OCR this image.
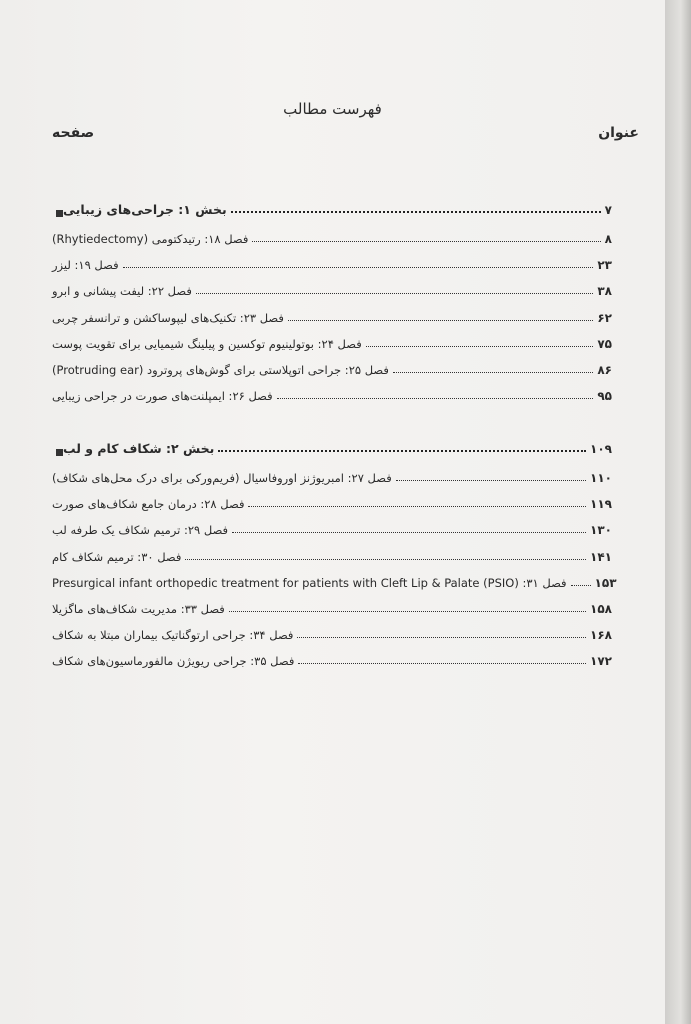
فهرست مطالب
عنوان
صفحه
بخش ۱: جراحی‌های زیبایی	۷
فصل ۱۸: رتیدکتومی (Rhytiedectomy)	۸
فصل ۱۹: لیزر	۲۳
فصل ۲۲: لیفت پیشانی و ابرو	۳۸
فصل ۲۳: تکنیک‌های لیپوساکشن و ترانسفر چربی	۶۲
فصل ۲۴: بوتولینیوم توکسین و پیلینگ شیمیایی برای تقویت پوست	۷۵
فصل ۲۵: جراحی اتوپلاستی برای گوش‌های پروترود (Protruding ear)	۸۶
فصل ۲۶: ایمپلنت‌های صورت در جراحی زیبایی	۹۵
بخش ۲: شکاف کام و لب	۱۰۹
فصل ۲۷: امبریوژنز اوروفاسیال (فریم‌ورکی برای درک محل‌های شکاف)	۱۱۰
فصل ۲۸: درمان جامع شکاف‌های صورت	۱۱۹
فصل ۲۹: ترمیم شکاف یک طرفه لب	۱۳۰
فصل ۳۰: ترمیم شکاف کام	۱۴۱
فصل ۳۱: Presurgical infant orthopedic treatment for patients with Cleft Lip & Palate (PSIO) ۱۵۳
فصل ۳۳: مدیریت شکاف‌های ماگزیلا	۱۵۸
فصل ۳۴: جراحی ارتوگناتیک بیماران مبتلا به شکاف	۱۶۸
فصل ۳۵: جراحی ریویژن مالفورماسیون‌های شکاف	۱۷۲
